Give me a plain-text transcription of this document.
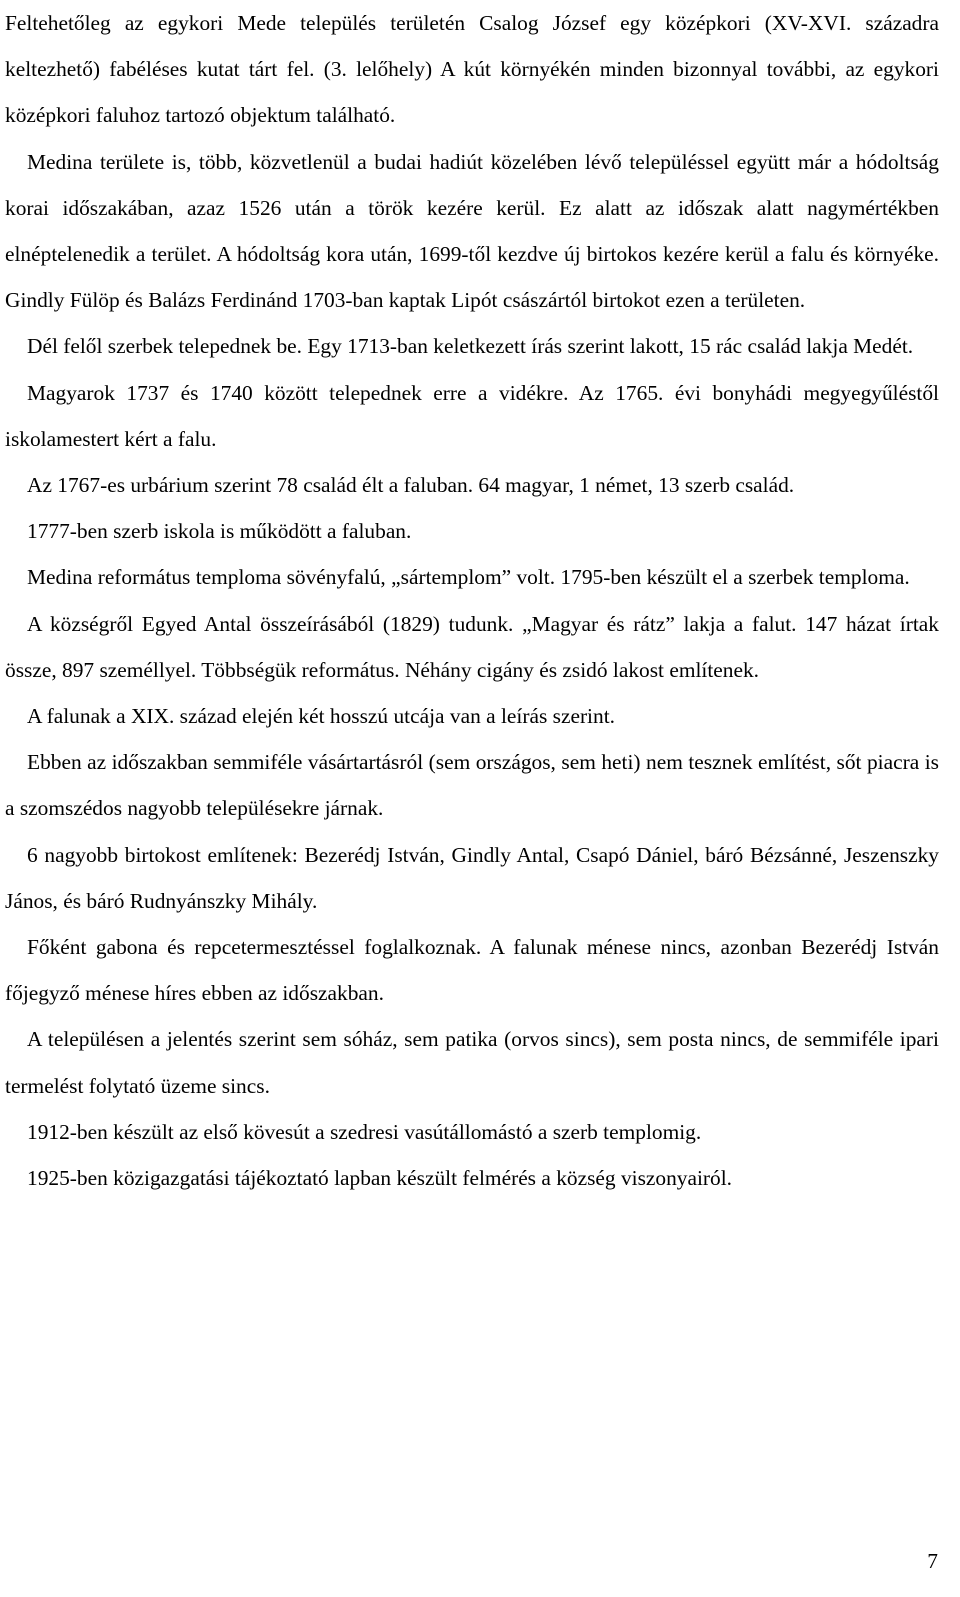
Feltehetőleg az egykori Mede település területén Csalog József egy középkori (XV-XVI. századra keltezhető) fabéléses kutat tárt fel. (3. lelőhely) A kút környékén minden bizonnyal további, az egykori középkori faluhoz tartozó objektum található.

Medina területe is, több, közvetlenül a budai hadiút közelében lévő településsel együtt már a hódoltság korai időszakában, azaz 1526 után a török kezére kerül. Ez alatt az időszak alatt nagymértékben elnéptelenedik a terület. A hódoltság kora után, 1699-től kezdve új birtokos kezére kerül a falu és környéke. Gindly Fülöp és Balázs Ferdinánd 1703-ban kaptak Lipót császártól birtokot ezen a területen.

Dél felől szerbek telepednek be. Egy 1713-ban keletkezett írás szerint lakott, 15 rác család lakja Medét.

Magyarok 1737 és 1740 között telepednek erre a vidékre. Az 1765. évi bonyhádi megyegyűléstől iskolamestert kért a falu.

Az 1767-es urbárium szerint 78 család élt a faluban. 64 magyar, 1 német, 13 szerb család.

1777-ben szerb iskola is működött a faluban.

Medina református temploma sövényfalú, „sártemplom” volt. 1795-ben készült el a szerbek temploma.

A községről Egyed Antal összeírásából (1829) tudunk. „Magyar és rátz” lakja a falut. 147 házat írtak össze, 897 személlyel. Többségük református. Néhány cigány és zsidó lakost említenek.

A falunak a XIX. század elején két hosszú utcája van a leírás szerint.

Ebben az időszakban semmiféle vásártartásról (sem országos, sem heti) nem tesznek említést, sőt piacra is a szomszédos nagyobb településekre járnak.

6 nagyobb birtokost említenek: Bezerédj István, Gindly Antal, Csapó Dániel, báró Bézsánné, Jeszenszky János, és báró Rudnyánszky Mihály.

Főként gabona és repcetermesztéssel foglalkoznak. A falunak ménese nincs, azonban Bezerédj István főjegyző ménese híres ebben az időszakban.

A településen a jelentés szerint sem sóház, sem patika (orvos sincs), sem posta nincs, de semmiféle ipari termelést folytató üzeme sincs.

1912-ben készült az első kövesút a szedresi vasútállomástó a szerb templomig.

1925-ben közigazgatási tájékoztató lapban készült felmérés a község viszonyairól.

7
